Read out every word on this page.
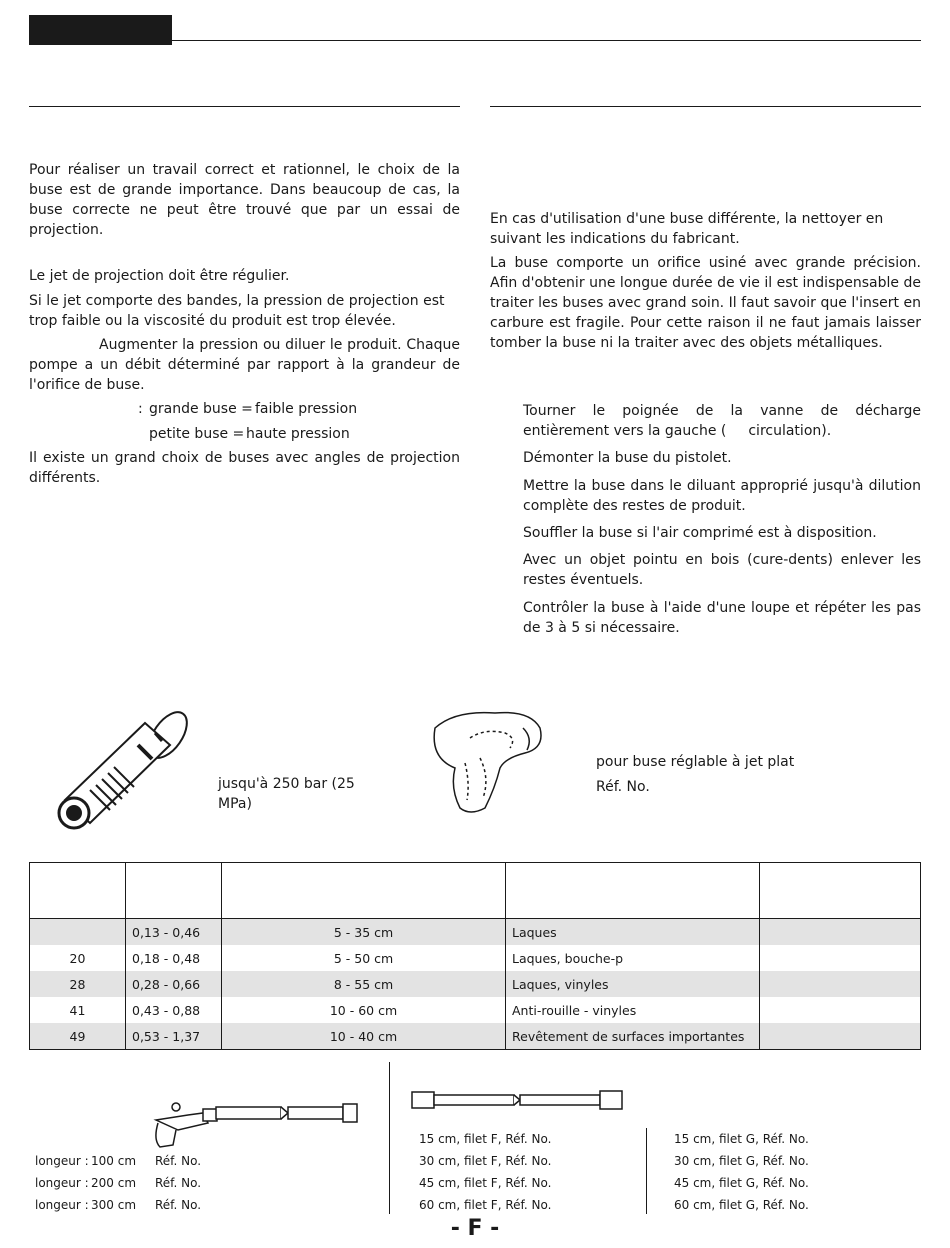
Pour réaliser un travail correct et rationnel, le choix de la buse est de grande importance. Dans beaucoup de cas, la buse correcte ne peut être trouvé que par un essai de projection.

Le jet de projection doit être régulier.

Si le jet comporte des bandes, la pression de projection est trop faible ou la viscosité du produit est trop élevée.

Augmenter la pression ou diluer le produit. Chaque pompe a un débit déterminé par rapport à la grandeur de l'orifice de buse.

: grande buse = faible pression
petite buse = haute pression

Il existe un grand choix de buses avec angles de projection différents.

En cas d'utilisation d'une buse différente, la nettoyer en suivant les indications du fabricant.

La buse comporte un orifice usiné avec grande précision. Afin d'obtenir une longue durée de vie il est indispensable de traiter les buses avec grand soin. Il faut savoir que l'insert en carbure est fragile. Pour cette raison il ne faut jamais laisser tomber la buse ni la traiter avec des objets métalliques.

Tourner le poignée de la vanne de décharge entièrement vers la gauche ( circulation).

Démonter la buse du pistolet.

Mettre la buse dans le diluant approprié jusqu'à dilution complète des restes de produit.

Souffler la buse si l'air comprimé est à disposition.

Avec un objet pointu en bois (cure-dents) enlever les restes éventuels.

Contrôler la buse à l'aide d'une loupe et répéter les pas de 3 à 5 si nécessaire.

jusqu'à 250 bar (25 MPa)
pour buse réglable à jet plat
Réf. No.

	0,13 - 0,46	5 - 35 cm	Laques	
20	0,18 - 0,48	5 - 50 cm	Laques, bouche-p	
28	0,28 - 0,66	8 - 55 cm	Laques, vinyles	
41	0,43 - 0,88	10 - 60 cm	Anti-rouille - vinyles	
49	0,53 - 1,37	10 - 40 cm	Revêtement de surfaces importantes	
longeur : 100 cm Réf. No.
longeur : 200 cm Réf. No.
longeur : 300 cm Réf. No.
15 cm, filet F, Réf. No.
30 cm, filet F, Réf. No.
45 cm, filet F, Réf. No.
60 cm, filet F, Réf. No.
15 cm, filet G, Réf. No.
30 cm, filet G, Réf. No.
45 cm, filet G, Réf. No.
60 cm, filet G, Réf. No.
- F -
